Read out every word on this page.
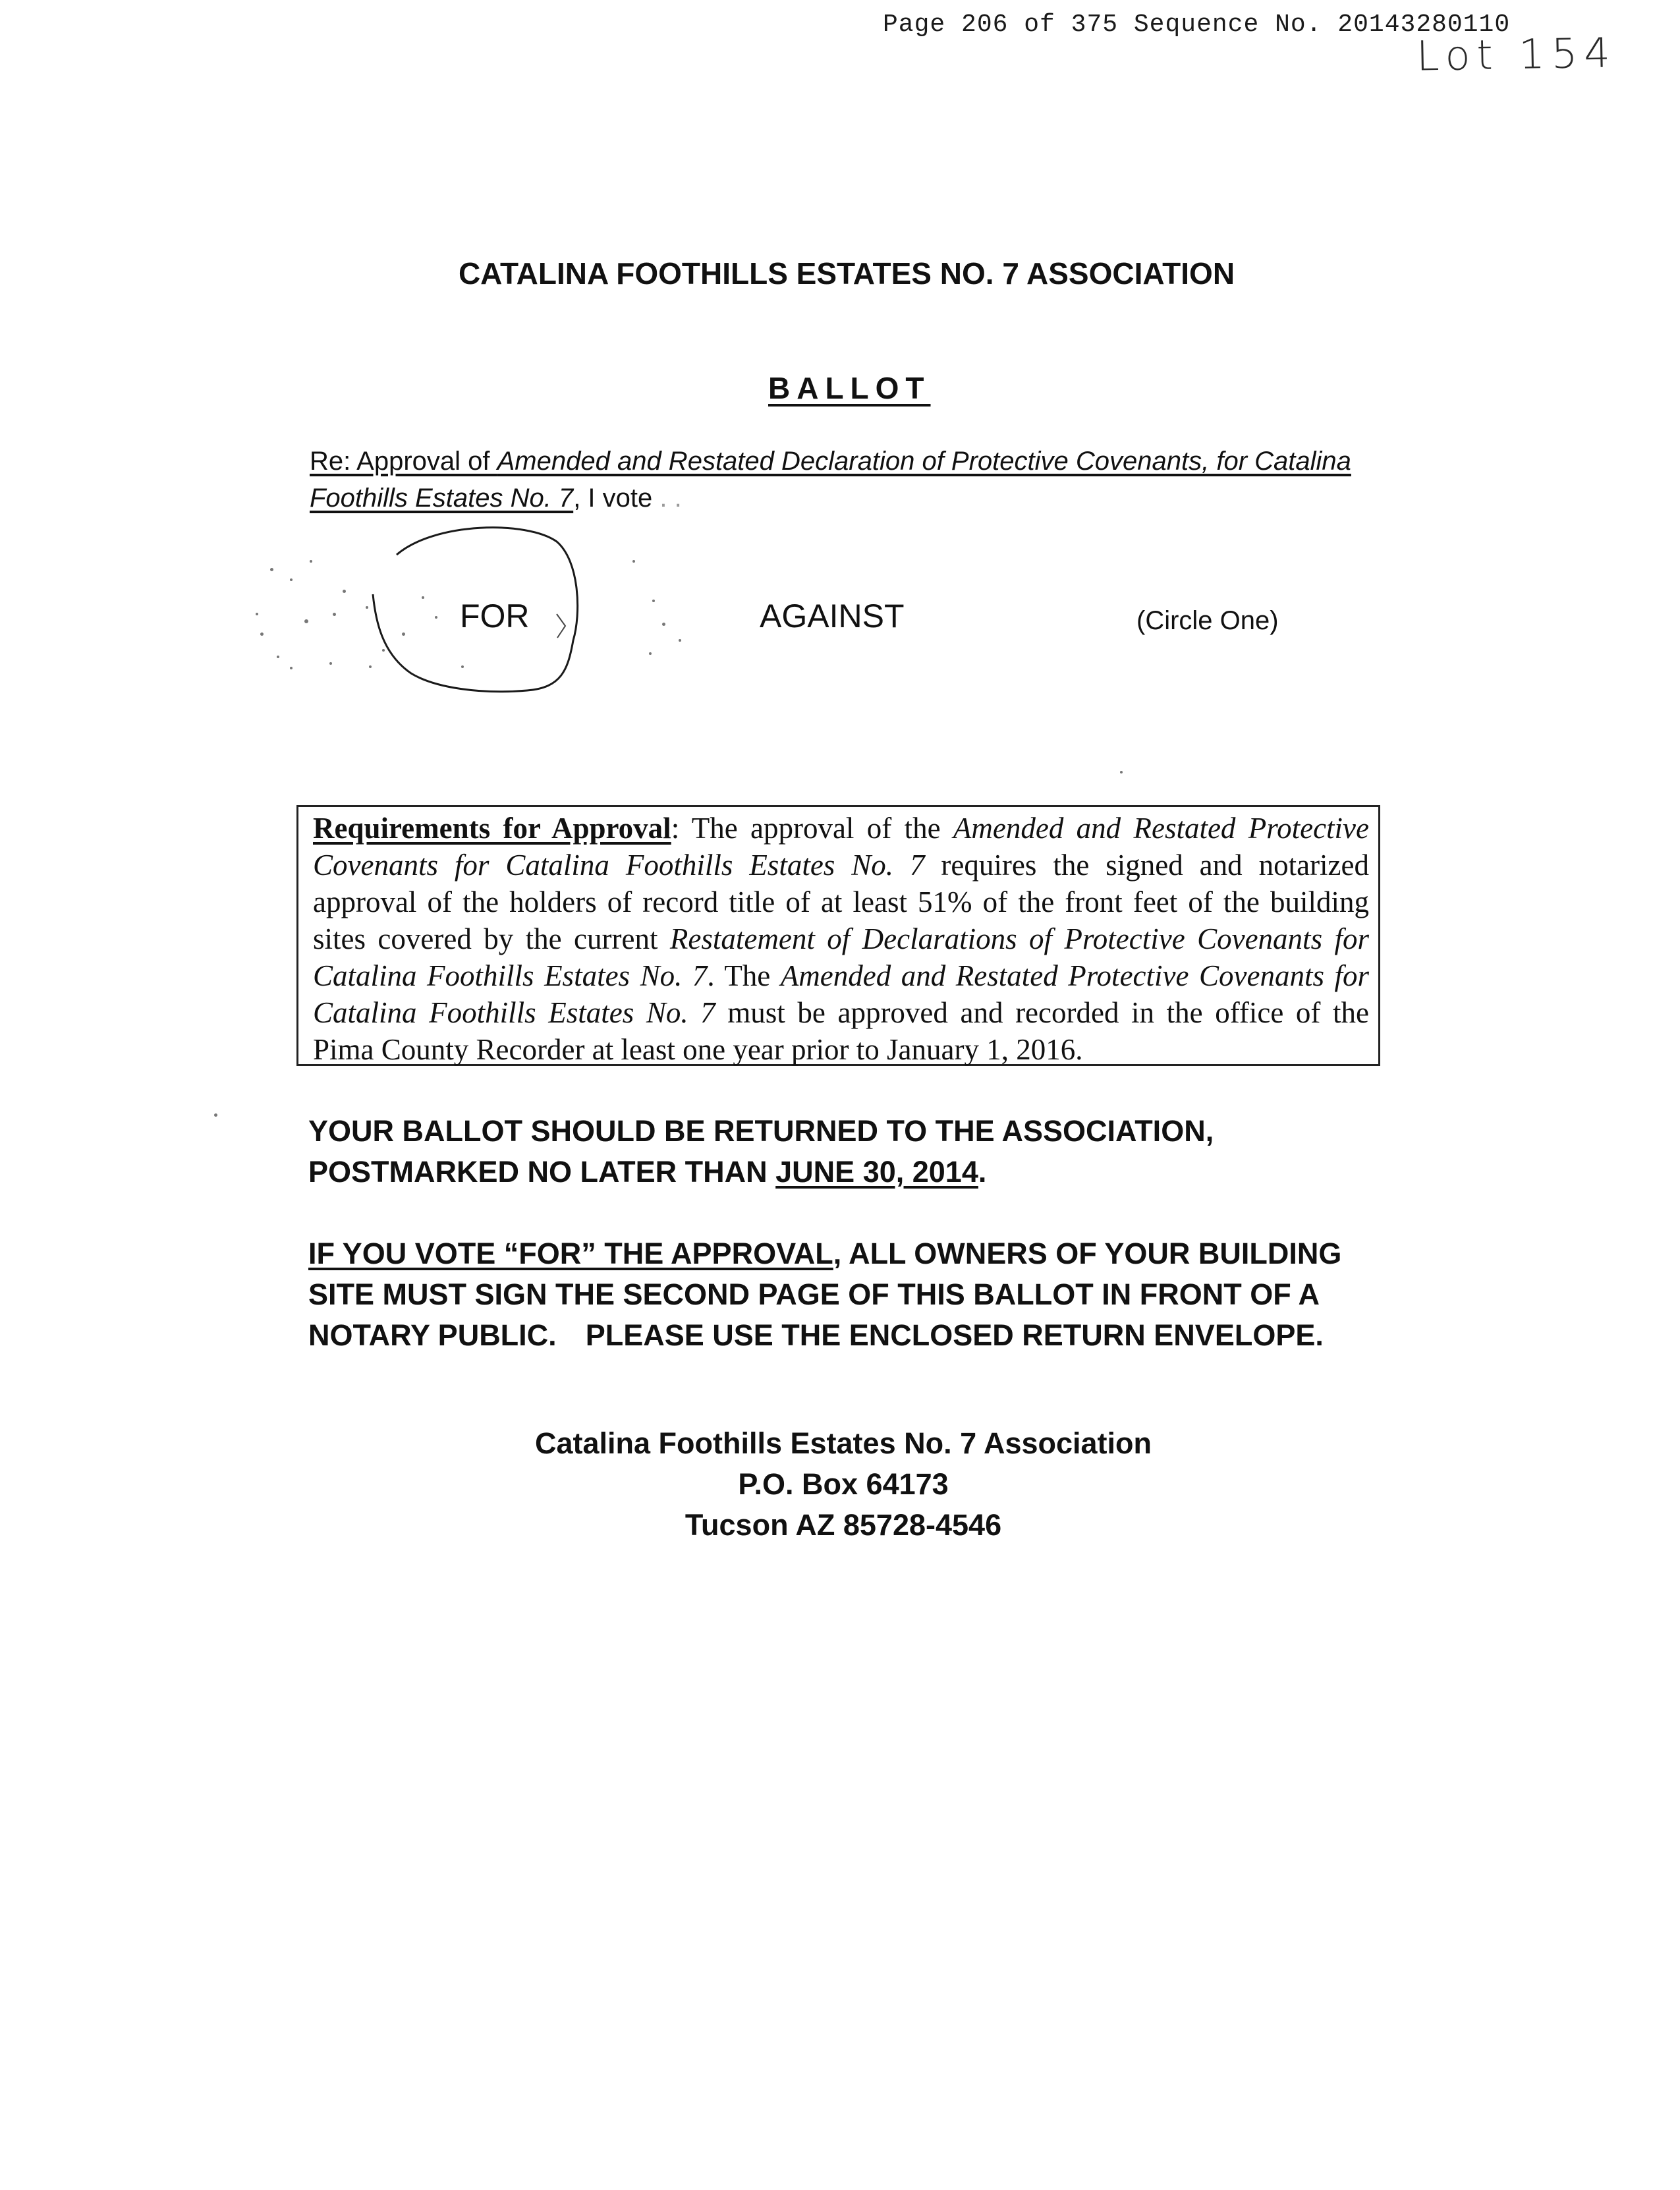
Page 206 of 375 Sequence No. 20143280110
Lot 154
CATALINA FOOTHILLS ESTATES NO. 7 ASSOCIATION
BALLOT
Re: Approval of Amended and Restated Declaration of Protective Covenants, for Catalina Foothills Estates No. 7, I vote . .
FOR	AGAINST	(Circle One)
Requirements for Approval: The approval of the Amended and Restated Protective Covenants for Catalina Foothills Estates No. 7 requires the signed and notarized approval of the holders of record title of at least 51% of the front feet of the building sites covered by the current Restatement of Declarations of Protective Covenants for Catalina Foothills Estates No. 7. The Amended and Restated Protective Covenants for Catalina Foothills Estates No. 7 must be approved and recorded in the office of the Pima County Recorder at least one year prior to January 1, 2016.
YOUR BALLOT SHOULD BE RETURNED TO THE ASSOCIATION, POSTMARKED NO LATER THAN JUNE 30, 2014.
IF YOU VOTE “FOR” THE APPROVAL, ALL OWNERS OF YOUR BUILDING SITE MUST SIGN THE SECOND PAGE OF THIS BALLOT IN FRONT OF A NOTARY PUBLIC. PLEASE USE THE ENCLOSED RETURN ENVELOPE.
Catalina Foothills Estates No. 7 Association
P.O. Box 64173
Tucson AZ 85728-4546
